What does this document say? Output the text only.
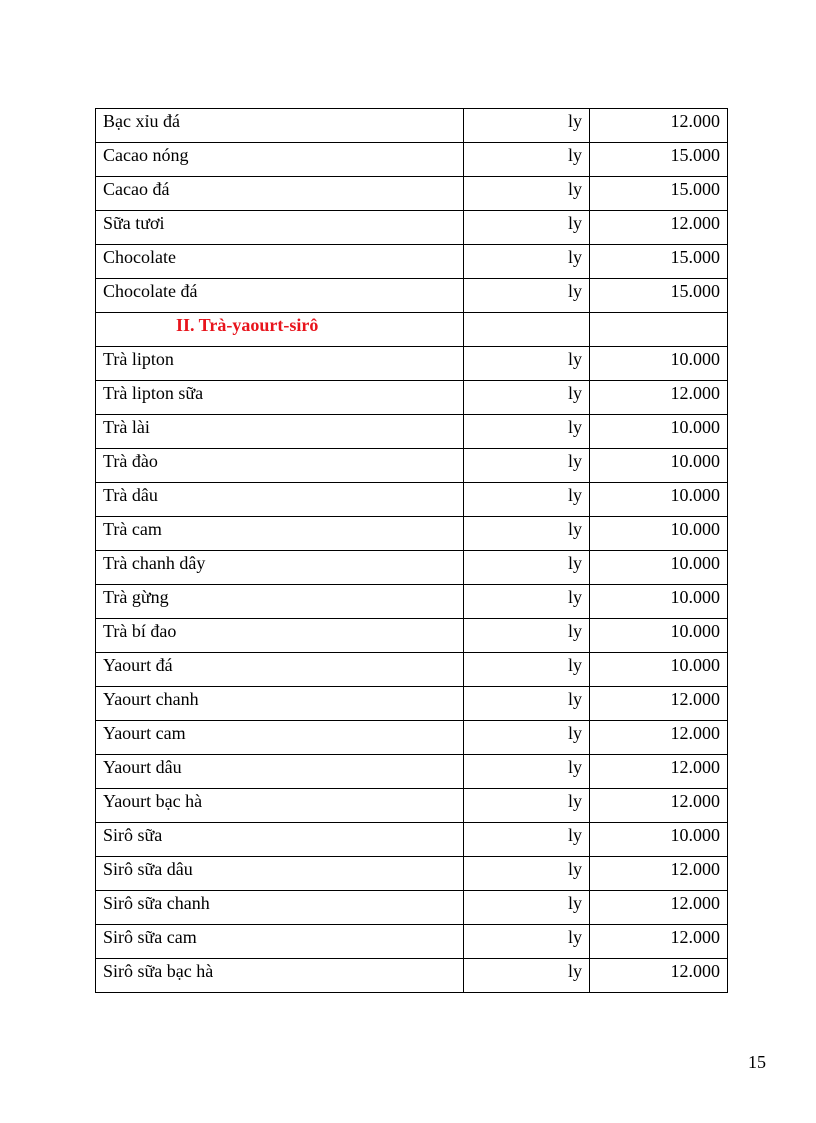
Bạc xỉu đá	ly	12.000
Cacao nóng	ly	15.000
Cacao đá	ly	15.000
Sữa tươi	ly	12.000
Chocolate	ly	15.000
Chocolate đá	ly	15.000
II. Trà-yaourt-sirô		
Trà lipton	ly	10.000
Trà lipton sữa	ly	12.000
Trà lài	ly	10.000
Trà đào	ly	10.000
Trà dâu	ly	10.000
Trà cam	ly	10.000
Trà chanh dây	ly	10.000
Trà gừng	ly	10.000
Trà bí đao	ly	10.000
Yaourt đá	ly	10.000
Yaourt chanh	ly	12.000
Yaourt cam	ly	12.000
Yaourt dâu	ly	12.000
Yaourt bạc hà	ly	12.000
Sirô sữa	ly	10.000
Sirô sữa dâu	ly	12.000
Sirô sữa chanh	ly	12.000
Sirô sữa cam	ly	12.000
Sirô sữa bạc hà	ly	12.000
15
